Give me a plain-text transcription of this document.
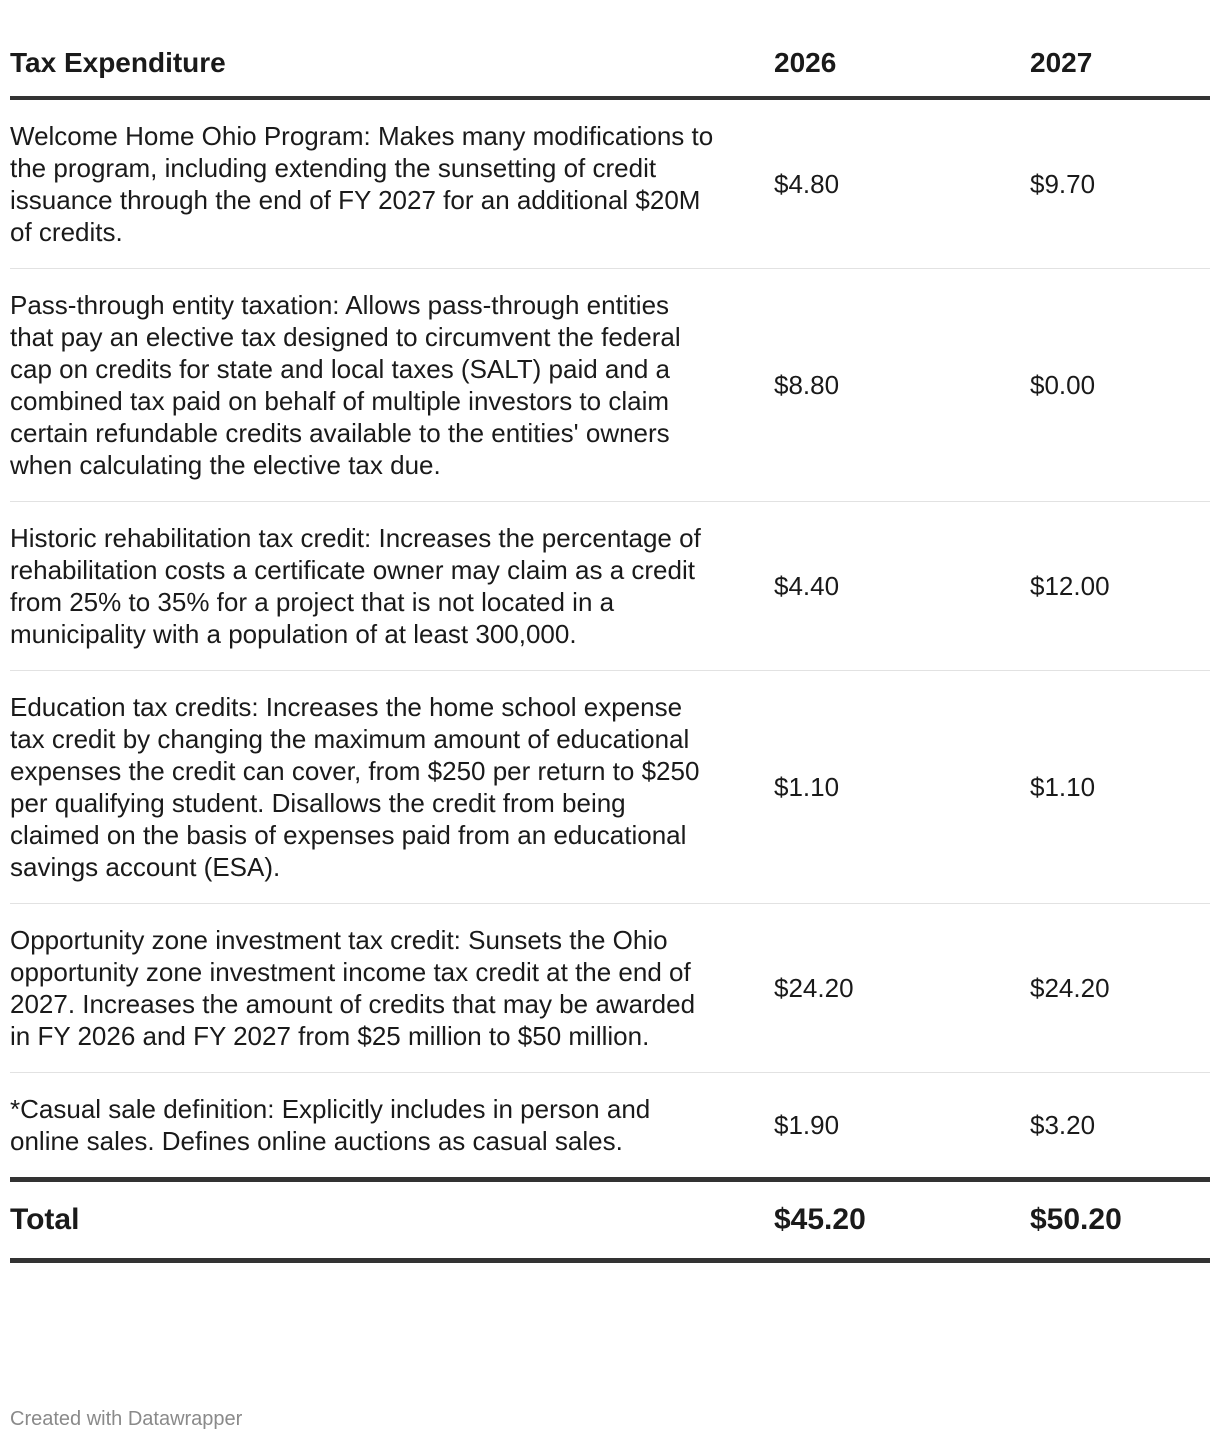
Tax Expenditure	2026	2027
Welcome Home Ohio Program: Makes many modifications to the program, including extending the sunsetting of credit issuance through the end of FY 2027 for an additional $20M of credits.	$4.80	$9.70
Pass-through entity taxation: Allows pass-through entities that pay an elective tax designed to circumvent the federal cap on credits for state and local taxes (SALT) paid and a combined tax paid on behalf of multiple investors to claim certain refundable credits available to the entities' owners when calculating the elective tax due.	$8.80	$0.00
Historic rehabilitation tax credit: Increases the percentage of rehabilitation costs a certificate owner may claim as a credit from 25% to 35% for a project that is not located in a municipality with a population of at least 300,000.	$4.40	$12.00
Education tax credits: Increases the home school expense tax credit by changing the maximum amount of educational expenses the credit can cover, from $250 per return to $250 per qualifying student. Disallows the credit from being claimed on the basis of expenses paid from an educational savings account (ESA).	$1.10	$1.10
Opportunity zone investment tax credit: Sunsets the Ohio opportunity zone investment income tax credit at the end of 2027. Increases the amount of credits that may be awarded in FY 2026 and FY 2027 from $25 million to $50 million.	$24.20	$24.20
*Casual sale definition: Explicitly includes in person and online sales. Defines online auctions as casual sales.	$1.90	$3.20
Total	$45.20	$50.20
Created with Datawrapper
